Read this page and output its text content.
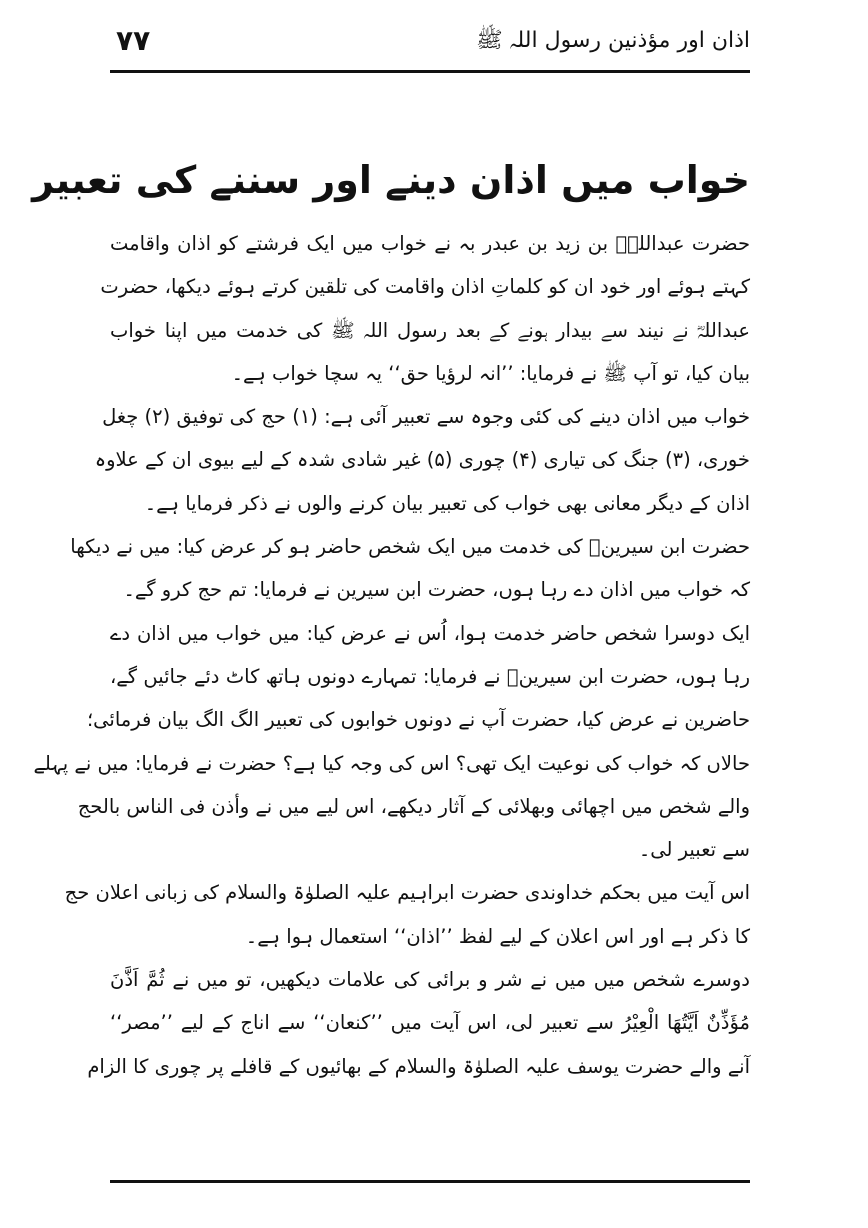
اذان اور مؤذنین رسول اللہ ﷺ
۷۷
خواب میں اذان دینے اور سننے کی تعبیر
حضرت عبداللہؓ بن زید بن عبدر بہ نے خواب میں ایک فرشتے کو اذان واقامت
کہتے ہوئے اور خود ان کو کلماتِ اذان واقامت کی تلقین کرتے ہوئے دیکھا، حضرت
عبداللہؓ نے نیند سے بیدار ہونے کے بعد رسول اللہ ﷺ کی خدمت میں اپنا خواب
بیان کیا، تو آپ ﷺ نے فرمایا: ’’انہ لرؤیا حق‘‘ یہ سچا خواب ہے۔
خواب میں اذان دینے کی کئی وجوہ سے تعبیر آئی ہے: (۱) حج کی توفیق (۲) چغل
خوری، (۳) جنگ کی تیاری (۴) چوری (۵) غیر شادی شدہ کے لیے بیوی ان کے علاوہ
اذان کے دیگر معانی بھی خواب کی تعبیر بیان کرنے والوں نے ذکر فرمایا ہے۔
حضرت ابن سیرینؒ کی خدمت میں ایک شخص حاضر ہو کر عرض کیا: میں نے دیکھا
کہ خواب میں اذان دے رہا ہوں، حضرت ابن سیرین نے فرمایا: تم حج کرو گے۔
ایک دوسرا شخص حاضر خدمت ہوا، اُس نے عرض کیا: میں خواب میں اذان دے
رہا ہوں، حضرت ابن سیرینؒ نے فرمایا: تمہارے دونوں ہاتھ کاٹ دئے جائیں گے،
حاضرین نے عرض کیا، حضرت آپ نے دونوں خوابوں کی تعبیر الگ الگ بیان فرمائی؛
حالاں کہ خواب کی نوعیت ایک تھی؟ اس کی وجہ کیا ہے؟ حضرت نے فرمایا: میں نے پہلے
والے شخص میں اچھائی وبھلائی کے آثار دیکھے، اس لیے میں نے وأذن فی الناس بالحج
سے تعبیر لی۔
اس آیت میں بحکم خداوندی حضرت ابراہیم علیہ الصلوٰۃ والسلام کی زبانی اعلان حج
کا ذکر ہے اور اس اعلان کے لیے لفظ ’’اذان‘‘ استعمال ہوا ہے۔
دوسرے شخص میں میں نے شر و برائی کی علامات دیکھیں، تو میں نے ثُمَّ اَذَّنَ
مُؤَذِّنٌ اَيَّتُهَا الْعِيْرُ سے تعبیر لی، اس آیت میں ’’کنعان‘‘ سے اناج کے لیے ’’مصر‘‘
آنے والے حضرت یوسف علیہ الصلوٰۃ والسلام کے بھائیوں کے قافلے پر چوری کا الزام
